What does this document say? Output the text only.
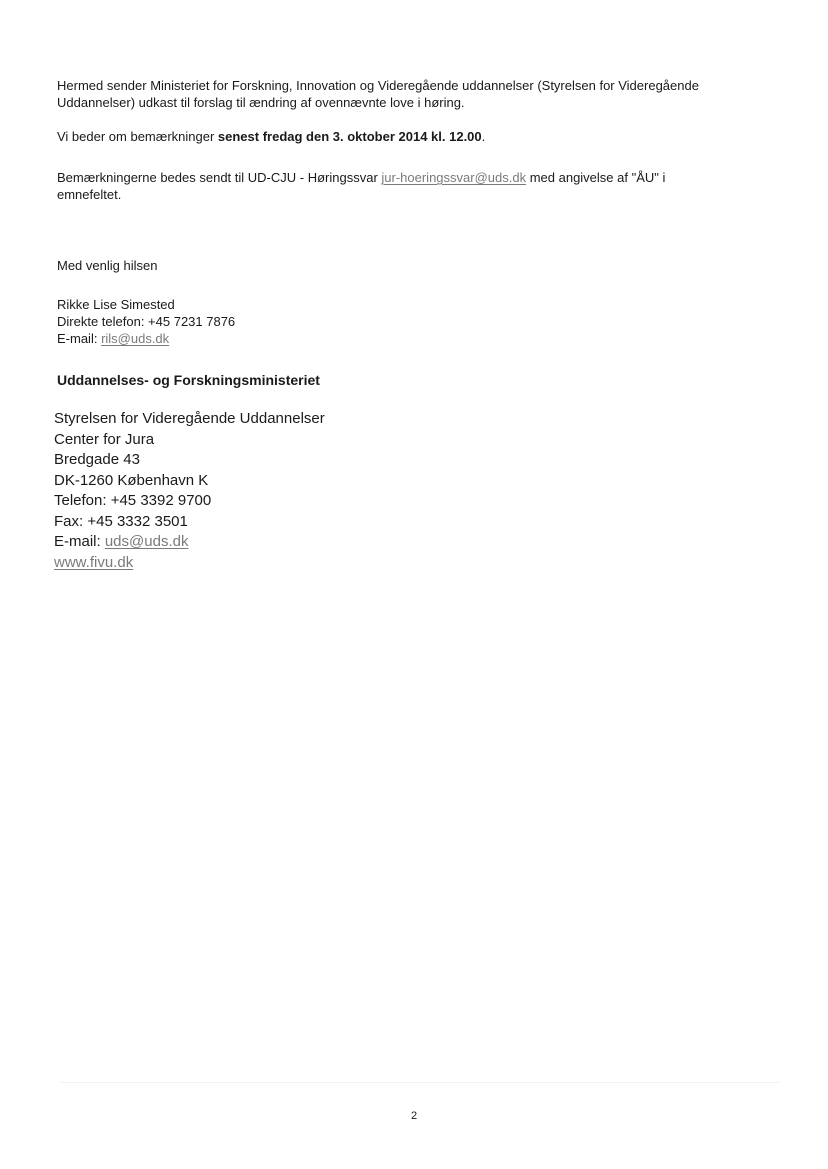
Hermed sender Ministeriet for Forskning, Innovation og Videregående uddannelser (Styrelsen for Videregående

Uddannelser) udkast til forslag til ændring af ovennævnte love i høring.

Vi beder om bemærkninger senest fredag den 3. oktober 2014 kl. 12.00.

Bemærkningerne bedes sendt til UD-CJU - Høringssvar jur-hoeringssvar@uds.dk med angivelse af "ÅU" i

emnefeltet.

Med venlig hilsen

Rikke Lise Simested

Direkte telefon: +45 7231 7876

E-mail: rils@uds.dk

Uddannelses- og Forskningsministeriet

Styrelsen for Videregående Uddannelser

Center for Jura

Bredgade 43

DK-1260 København K

Telefon: +45 3392 9700

Fax: +45 3332 3501

E-mail: uds@uds.dk

www.fivu.dk

2
